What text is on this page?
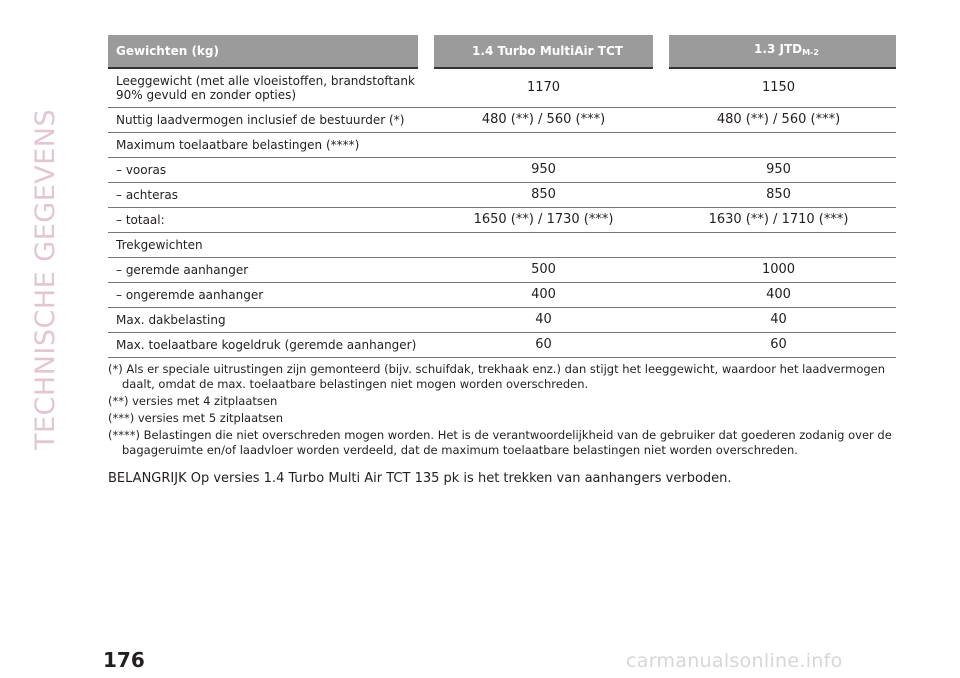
TECHNISCHE GEGEVENS
Gewichten (kg)	1.4 Turbo MultiAir TCT	1.3 $JTD_{M-2}$
Leeggewicht (met alle vloeistoffen, brandstoftank 90% gevuld en zonder opties)	1170	1150
Nuttig laadvermogen inclusief de bestuurder (*)	480 (**) / 560 (***)	480 (**) / 560 (***)
Maximum toelaatbare belastingen (****)		
– vooras	950	950
– achteras	850	850
– totaal:	1650 (**) / 1730 (***)	1630 (**) / 1710 (***)
Trekgewichten		
– geremde aanhanger	500	1000
– ongeremde aanhanger	400	400
Max. dakbelasting	40	40
Max. toelaatbare kogeldruk (geremde aanhanger)	60	60

(*) Als er speciale uitrustingen zijn gemonteerd (bijv. schuifdak, trekhaak enz.) dan stijgt het leeggewicht, waardoor het laadvermogen daalt, omdat de max. toelaatbare belastingen niet mogen worden overschreden.

(**) versies met 4 zitplaatsen

(***) versies met 5 zitplaatsen

(****) Belastingen die niet overschreden mogen worden. Het is de verantwoordelijkheid van de gebruiker dat goederen zodanig over de bagageruimte en/of laadvloer worden verdeeld, dat de maximum toelaatbare belastingen niet worden overschreden.

BELANGRIJK Op versies 1.4 Turbo Multi Air TCT 135 pk is het trekken van aanhangers verboden.
176	carmanualsonline.info
